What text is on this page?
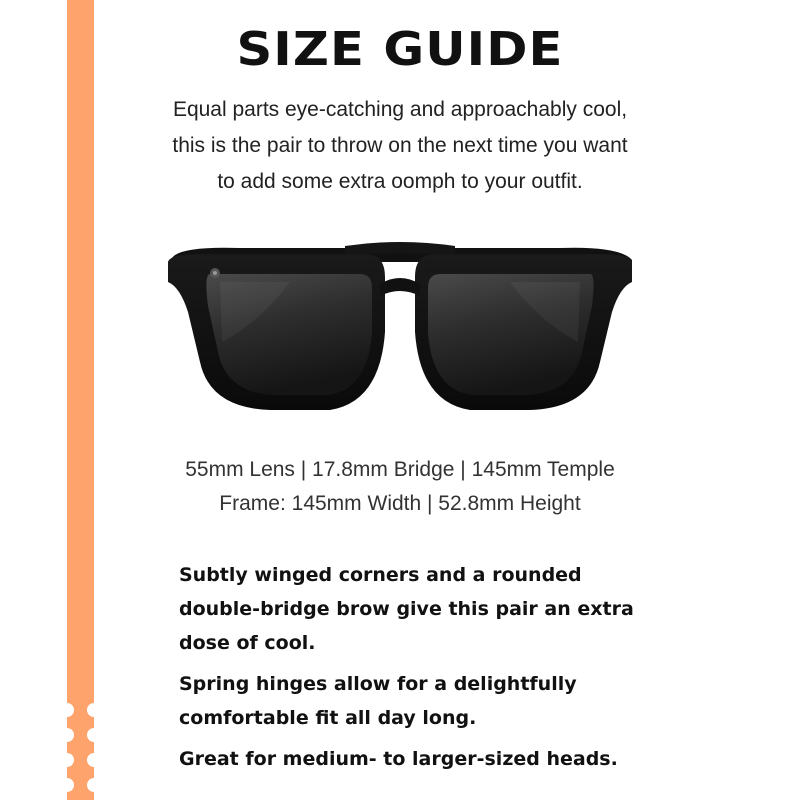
SIZE GUIDE

Equal parts eye-catching and approachably cool,
this is the pair to throw on the next time you want
to add some extra oomph to your outfit.

55mm Lens | 17.8mm Bridge | 145mm Temple
Frame: 145mm Width | 52.8mm Height
Subtly winged corners and a rounded
double-bridge brow give this pair an extra
dose of cool.
Spring hinges allow for a delightfully
comfortable fit all day long.
Great for medium- to larger-sized heads.
